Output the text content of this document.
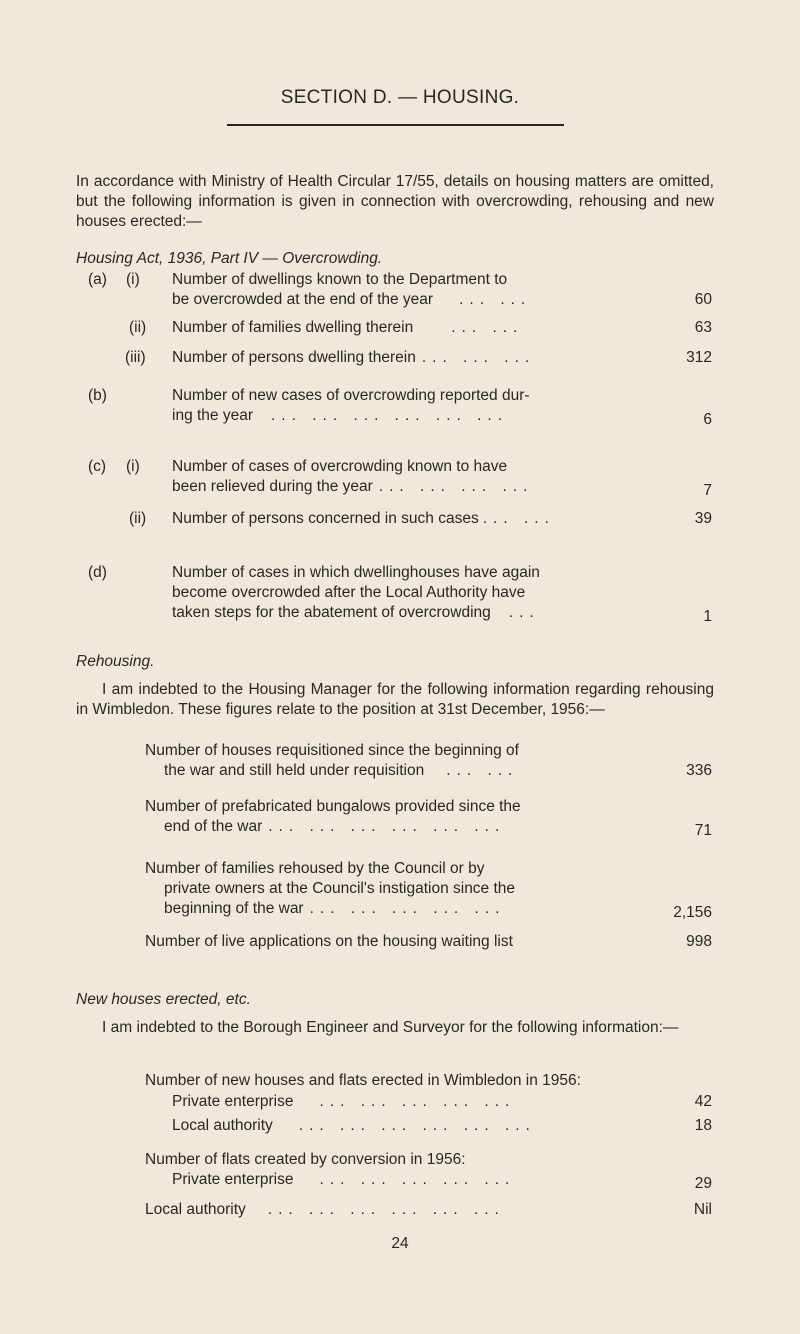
SECTION D. — HOUSING.
In accordance with Ministry of Health Circular 17/55, details on housing matters are omitted, but the following information is given in connection with overcrowding, rehousing and new houses erected:—
Housing Act, 1936, Part IV — Overcrowding.
(a) (i) Number of dwellings known to the Department to
be overcrowded at the end of the year ... ...	60
(ii) Number of families dwelling therein ... ...	63
(iii) Number of persons dwelling therein ... ... ...	312
(b)	Number of new cases of overcrowding reported dur-
ing the year ... ... ... ... ... ...	6
(c) (i) Number of cases of overcrowding known to have
been relieved during the year ... ... ... ...	7
(ii) Number of persons concerned in such cases ... ...	39
(d)	Number of cases in which dwellinghouses have again
become overcrowded after the Local Authority have
taken steps for the abatement of overcrowding ...	1
Rehousing.
I am indebted to the Housing Manager for the following information regarding rehousing in Wimbledon. These figures relate to the position at 31st December, 1956:—
Number of houses requisitioned since the beginning of
the war and still held under requisition ... ...	336
Number of prefabricated bungalows provided since the
end of the war ... ... ... ... ... ...	71
Number of families rehoused by the Council or by
private owners at the Council's instigation since the
beginning of the war ... ... ... ... ...	2,156
Number of live applications on the housing waiting list	998
New houses erected, etc.
I am indebted to the Borough Engineer and Surveyor for the following information:—
Number of new houses and flats erected in Wimbledon in 1956:
Private enterprise ... ... ... ... ...	42
Local authority ... ... ... ... ... ...	18
Number of flats created by conversion in 1956:
Private enterprise ... ... ... ... ...	29
Local authority ... ... ... ... ... ...	Nil
24
